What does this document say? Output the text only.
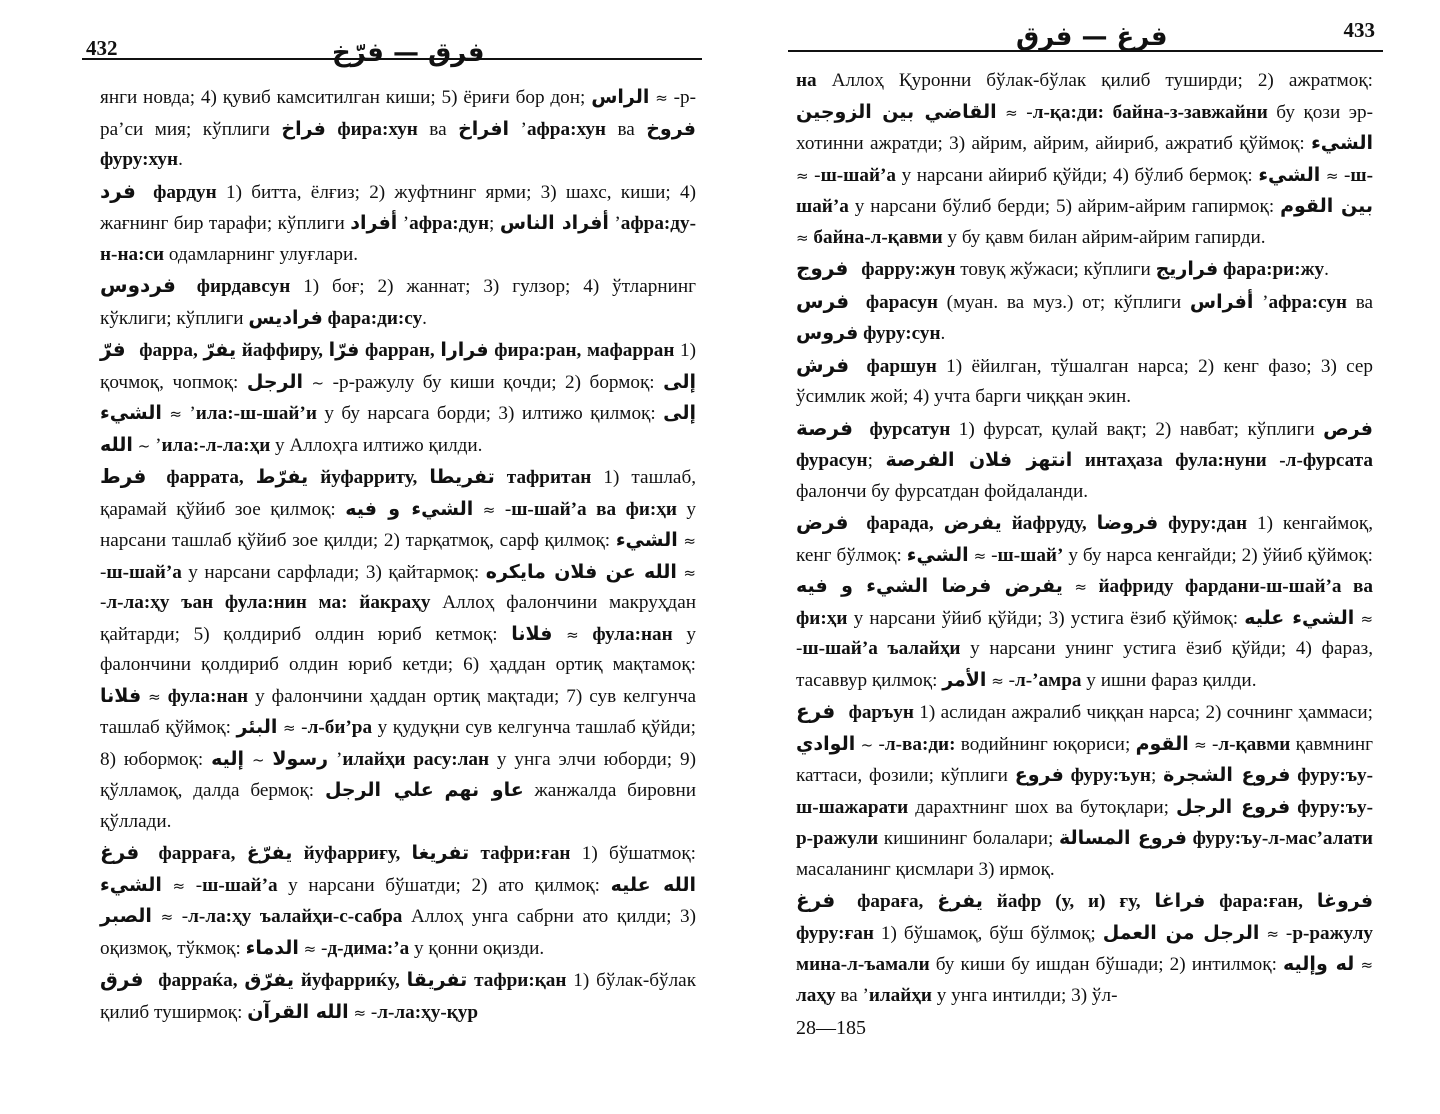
432	فرق — فرّخ

янги новда; 4) қувиб камситилган киши; 5) ёриғи бор дон; الراس ≈ -р-ра’си мия; кўплиги فراخ фира:хун ва افراخ ’афра:хун ва فروخ фуру:хун.

فرد фардун 1) битта, ёлғиз; 2) жуфтнинг ярми; 3) шахс, киши; 4) жағнинг бир тарафи; кўплиги أفراد ’афра:дун; أفراد الناس ’афра:ду-н-на:си одамларнинг улуғлари.

فردوس фирдавсун 1) боғ; 2) жаннат; 3) гулзор; 4) ўтларнинг кўклиги; кўплиги فراديس фара:ди:су.

فرّ фарра, يفرّ йаффиру, فرّا фарран, فرارا фира:ран, мафарран 1) қочмоқ, чопмоқ: الرجل ~ -р-ражулу бу киши қочди; 2) бормоқ: إلى الشيء ≈ ’ила:-ш-шай’и у бу нарсага борди; 3) илтижо қилмоқ: إلى الله ~ ’ила:-л-ла:ҳи у Аллоҳга илтижо қилди.

فرط фаррата, يفرّط йуфарриту, تفريطا тафритан 1) ташлаб, қарамай қўйиб зое қилмоқ: الشيء و فيه ≈ -ш-шай’а ва фи:ҳи у нарсани ташлаб қўйиб зое қилди; 2) тарқатмоқ, сарф қилмоқ: الشيء ≈ -ш-шай’а у нарсани сарфлади; 3) қайтармоқ: الله عن فلان مايكره ≈ -л-ла:ҳу ъан фула:нин ма: йакраҳу Аллоҳ фалончини макруҳдан қайтарди; 5) қолдириб олдин юриб кетмоқ: فلانا ≈ фула:нан у фалончини қолдириб олдин юриб кетди; 6) ҳаддан ортиқ мақтамоқ: فلانا ≈ фула:нан у фалончини ҳаддан ортиқ мақтади; 7) сув келгунча ташлаб қўймоқ: البئر ≈ -л-би’ра у қудуқни сув келгунча ташлаб қўйди; 8) юбормоқ: إليه ~ رسولا ’илайҳи расу:лан у унга элчи юборди; 9) қўлламоқ, далда бермоқ: علي الرجل عاو نهم жанжалда бировни қўллади.

فرغ фарраға, يفرّغ йуфарриғу, تفريغا тафри:ған 1) бўшатмоқ: الشيء ≈ -ш-шай’а у нарсани бўшатди; 2) ато қилмоқ: الله عليه الصبر ≈ -л-ла:ҳу ъалайҳи-с-сабра Аллоҳ унга сабрни ато қилди; 3) оқизмоқ, тўкмоқ: الدماء ≈ -д-дима:’а у қонни оқизди.

فرق фарраќа, يفرّق йуфарриќу, تفريقا тафри:қан 1) бўлак-бўлак қилиб туширмоқ: الله القرآن ≈ -л-ла:ҳу-қур

فرغ — فرق	433

на Аллоҳ Қуронни бўлак-бўлак қилиб туширди; 2) ажратмоқ: القاضي بين الزوجين ≈ -л-қа:ди: байна-з-завжайни бу қози эр-хотинни ажратди; 3) айрим, айрим, айириб, ажратиб қўймоқ: الشيء ≈ -ш-шай’а у нарсани айириб қўйди; 4) бўлиб бермоқ: الشيء ≈ -ш-шай’а у нарсани бўлиб берди; 5) айрим-айрим гапирмоқ: بين القوم ≈ байна-л-қавми у бу қавм билан айрим-айрим гапирди.

فروج фарру:жун товуқ жўжаси; кўплиги فراريج фара:ри:жу.

فرس фарасун (муан. ва муз.) от; кўплиги أفراس ’афра:сун ва فروس фуру:сун.

فرش фаршун 1) ёйилган, тўшалган нарса; 2) кенг фазо; 3) сер ўсимлик жой; 4) учта барги чиққан экин.

فرصة фурсатун 1) фурсат, қулай вақт; 2) навбат; кўплиги فرص фурасун; انتهز فلان الفرصة интаҳаза фула:нуни -л-фурсата фалончи бу фурсатдан фойдаланди.

فرض фарада, يفرض йафруду, فروضا фуру:дан 1) кенгаймоқ, кенг бўлмоқ: الشيء ≈ -ш-шай’ у бу нарса кенгайди; 2) ўйиб қўймоқ: يفرض فرضا الشيء و فيه ≈ йафриду фардани-ш-шай’а ва фи:ҳи у нарсани ўйиб қўйди; 3) устига ёзиб қўймоқ: الشيء عليه ≈ -ш-шай’а ъалайҳи у нарсани унинг устига ёзиб қўйди; 4) фараз, тасаввур қилмоқ: الأمر ≈ -л-’амра у ишни фараз қилди.

فرع фаръун 1) аслидан ажралиб чиққан нарса; 2) сочнинг ҳаммаси; الوادي ~ -л-ва:ди: водийнинг юқориси; القوم ≈ -л-қавми қавмнинг каттаси, фозили; кўплиги فروع фуру:ъун; فروع الشجرة фуру:ъу-ш-шажарати дарахтнинг шох ва бутоқлари; فروع الرجل фуру:ъу-р-ражули кишининг болалари; فروع المسالة фуру:ъу-л-мас’алати масаланинг қисмлари 3) ирмоқ.

فرغ фараға, يفرغ йафр (у, и) ғу, فراغا фара:ған, فروغا фуру:ған 1) бўшамоқ, бўш бўлмоқ; الرجل من العمل ≈ -р-ражулу мина-л-ъамали бу киши бу ишдан бўшади; 2) интилмоқ: له وإليه ≈ лаҳу ва ’илайҳи у унга интилди; 3) ўл-

28—185
